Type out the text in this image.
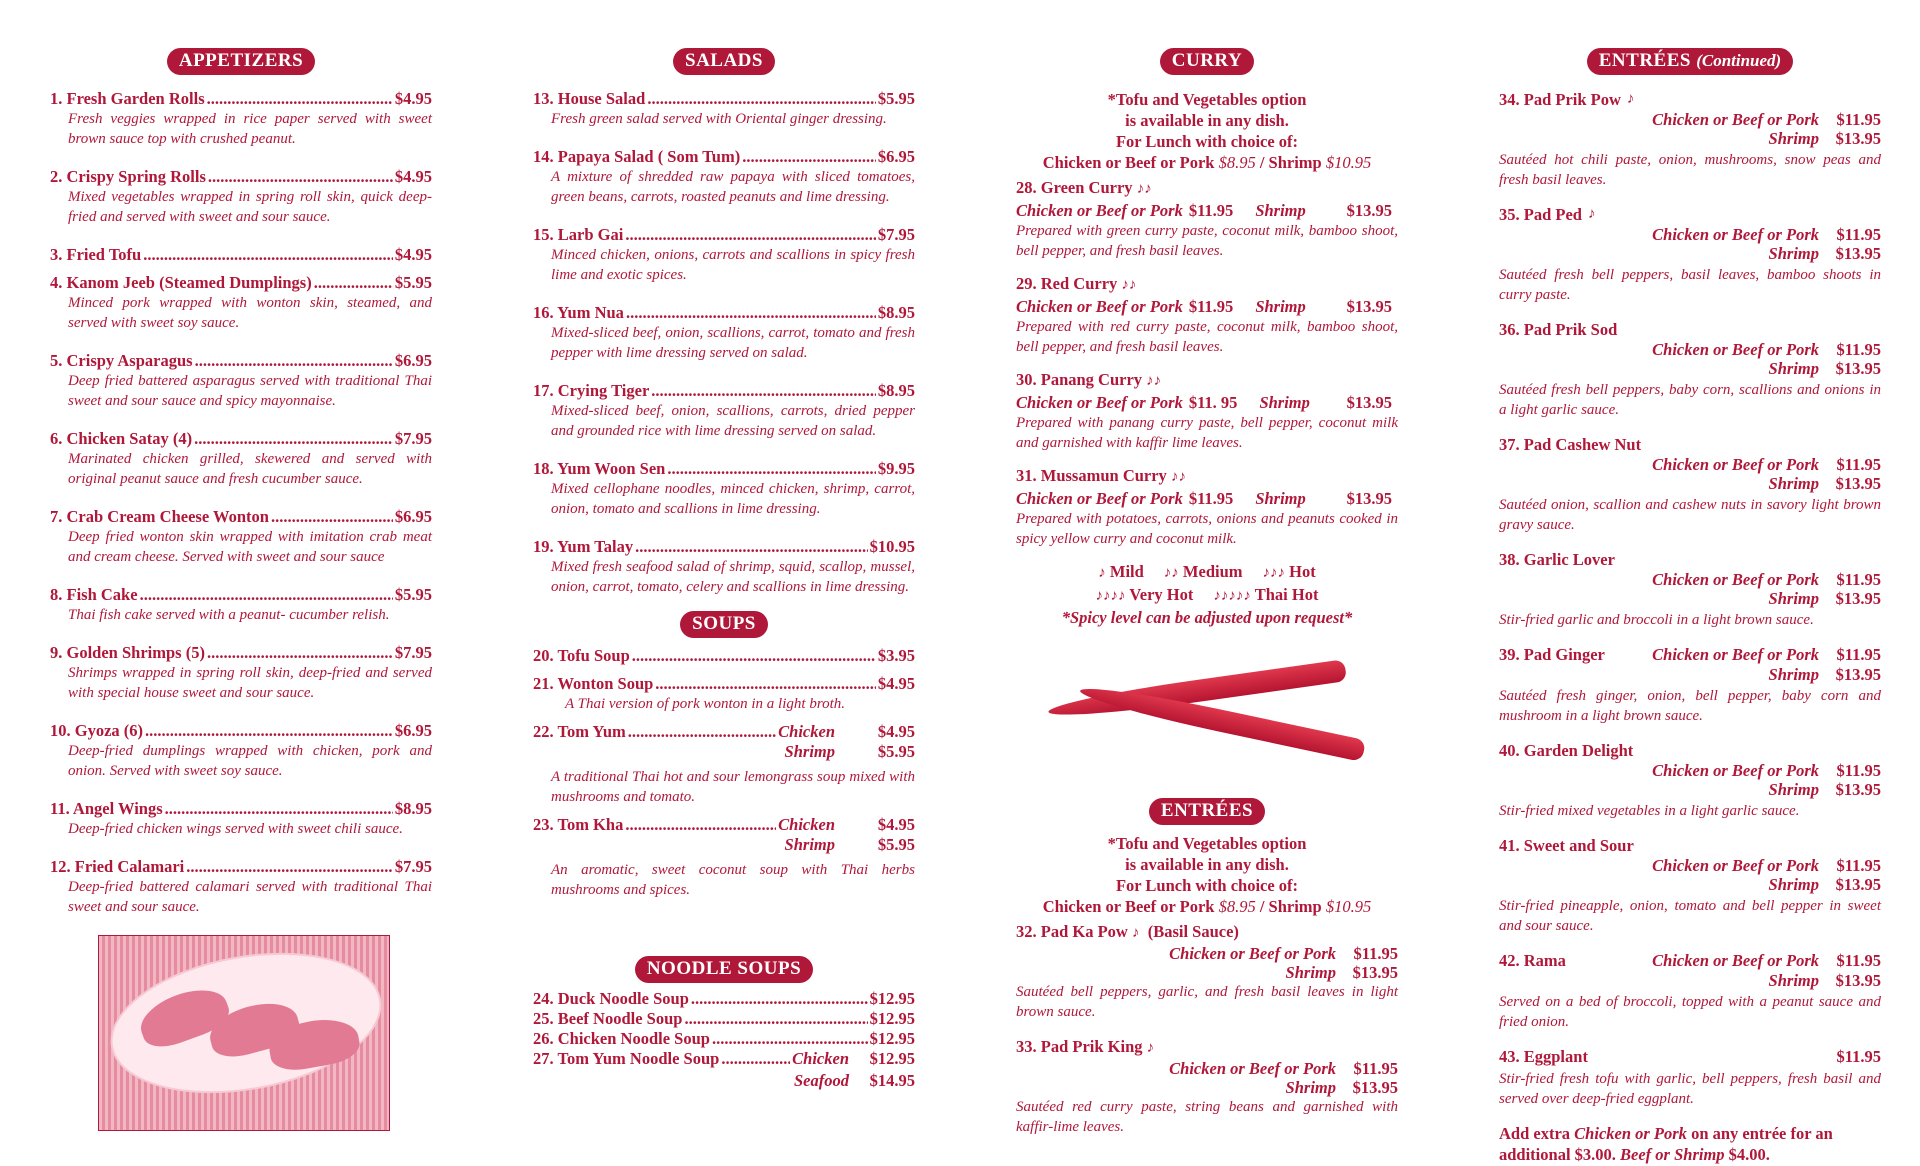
APPETIZERS
1. Fresh Garden Rolls .....	$4.95
Fresh veggies wrapped in rice paper served with sweet brown sauce top with crushed peanut.
2. Crispy Spring Rolls .....	$4.95
Mixed vegetables wrapped in spring roll skin, quick deep-fried and served with sweet and sour sauce.
3. Fried Tofu .....	$4.95
4. Kanom Jeeb (Steamed Dumplings) .....	$5.95
Minced pork wrapped with wonton skin, steamed, and served with sweet soy sauce.
5. Crispy Asparagus .....	$6.95
Deep fried battered asparagus served with traditional Thai sweet and sour sauce and spicy mayonnaise.
6. Chicken Satay (4) .....	$7.95
Marinated chicken grilled, skewered and served with original peanut sauce and fresh cucumber sauce.
7. Crab Cream Cheese Wonton .....	$6.95
Deep fried wonton skin wrapped with imitation crab meat and cream cheese. Served with sweet and sour sauce
8. Fish Cake .....	$5.95
Thai fish cake served with a peanut- cucumber relish.
9. Golden Shrimps (5) .....	$7.95
Shrimps wrapped in spring roll skin, deep-fried and served with special house sweet and sour sauce.
10. Gyoza (6) .....	$6.95
Deep-fried dumplings wrapped with chicken, pork and onion. Served with sweet soy sauce.
11. Angel Wings .....	$8.95
Deep-fried chicken wings served with sweet chili sauce.
12. Fried Calamari .....	$7.95
Deep-fried battered calamari served with traditional Thai sweet and sour sauce.
SALADS
13. House Salad .....	$5.95
Fresh green salad served with Oriental ginger dressing.
14. Papaya Salad ( Som Tum) .....	$6.95
A mixture of shredded raw papaya with sliced tomatoes, green beans, carrots, roasted peanuts and lime dressing.
15. Larb Gai .....	$7.95
Minced chicken, onions, carrots and scallions in spicy fresh lime and exotic spices.
16. Yum Nua .....	$8.95
Mixed-sliced beef, onion, scallions, carrot, tomato and fresh pepper with lime dressing served on salad.
17. Crying Tiger .....	$8.95
Mixed-sliced beef, onion, scallions, carrots, dried pepper and grounded rice with lime dressing served on salad.
18. Yum Woon Sen .....	$9.95
Mixed cellophane noodles, minced chicken, shrimp, carrot, onion, tomato and scallions in lime dressing.
19. Yum Talay .....	$10.95
Mixed fresh seafood salad of shrimp, squid, scallop, mussel, onion, carrot, tomato, celery and scallions in lime dressing.
SOUPS
20. Tofu Soup .....	$3.95
21. Wonton Soup .....	$4.95
A Thai version of pork wonton in a light broth.
22. Tom Yum .....	Chicken	$4.95
Shrimp	$5.95
A traditional Thai hot and sour lemongrass soup mixed with mushrooms and tomato.
23. Tom Kha .....	Chicken	$4.95
Shrimp	$5.95
An aromatic, sweet coconut soup with Thai herbs mushrooms and spices.
NOODLE SOUPS
24. Duck Noodle Soup .....	$12.95
25. Beef Noodle Soup .....	$12.95
26. Chicken Noodle Soup .....	$12.95
27. Tom Yum Noodle Soup .....	Chicken	$12.95
Seafood	$14.95
CURRY
*Tofu and Vegetables option
is available in any dish.
For Lunch with choice of:
Chicken or Beef or Pork $8.95 / Shrimp $10.95
28. Green Curry ♪♪
Chicken or Beef or Pork $11.95 Shrimp $13.95
Prepared with green curry paste, coconut milk, bamboo shoot, bell pepper, and fresh basil leaves.
29. Red Curry ♪♪
Chicken or Beef or Pork $11.95 Shrimp $13.95
Prepared with red curry paste, coconut milk, bamboo shoot, bell pepper, and fresh basil leaves.
30. Panang Curry ♪♪
Chicken or Beef or Pork $11. 95 Shrimp $13.95
Prepared with panang curry paste, bell pepper, coconut milk and garnished with kaffir lime leaves.
31. Mussamun Curry ♪♪
Chicken or Beef or Pork $11.95 Shrimp $13.95
Prepared with potatoes, carrots, onions and peanuts cooked in spicy yellow curry and coconut milk.
♪ Mild ♪♪ Medium ♪♪♪ Hot
♪♪♪♪ Very Hot ♪♪♪♪♪ Thai Hot
*Spicy level can be adjusted upon request*
ENTRÉES
*Tofu and Vegetables option
is available in any dish.
For Lunch with choice of:
Chicken or Beef or Pork $8.95 / Shrimp $10.95
32. Pad Ka Pow ♪ (Basil Sauce)
Chicken or Beef or Pork	$11.95
Shrimp	$13.95
Sautéed bell peppers, garlic, and fresh basil leaves in light brown sauce.
33. Pad Prik King ♪
Chicken or Beef or Pork	$11.95
Shrimp	$13.95
Sautéed red curry paste, string beans and garnished with kaffir-lime leaves.
ENTRÉES (Continued)
34. Pad Prik Pow ♪
Chicken or Beef or Pork	$11.95
Shrimp	$13.95
Sautéed hot chili paste, onion, mushrooms, snow peas and fresh basil leaves.
35. Pad Ped ♪
Chicken or Beef or Pork	$11.95
Shrimp	$13.95
Sautéed fresh bell peppers, basil leaves, bamboo shoots in curry paste.
36. Pad Prik Sod
Chicken or Beef or Pork	$11.95
Shrimp	$13.95
Sautéed fresh bell peppers, baby corn, scallions and onions in a light garlic sauce.
37. Pad Cashew Nut
Chicken or Beef or Pork	$11.95
Shrimp	$13.95
Sautéed onion, scallion and cashew nuts in savory light brown gravy sauce.
38. Garlic Lover
Chicken or Beef or Pork	$11.95
Shrimp	$13.95
Stir-fried garlic and broccoli in a light brown sauce.
39. Pad Ginger	Chicken or Beef or Pork	$11.95
Shrimp	$13.95
Sautéed fresh ginger, onion, bell pepper, baby corn and mushroom in a light brown sauce.
40. Garden Delight
Chicken or Beef or Pork	$11.95
Shrimp	$13.95
Stir-fried mixed vegetables in a light garlic sauce.
41. Sweet and Sour
Chicken or Beef or Pork	$11.95
Shrimp	$13.95
Stir-fried pineapple, onion, tomato and bell pepper in sweet and sour sauce.
42. Rama	Chicken or Beef or Pork	$11.95
Shrimp	$13.95
Served on a bed of broccoli, topped with a peanut sauce and fried onion.
43. Eggplant	$11.95
Stir-fried fresh tofu with garlic, bell peppers, fresh basil and served over deep-fried eggplant.
Add extra Chicken or Pork on any entrée for an additional $3.00. Beef or Shrimp $4.00.
